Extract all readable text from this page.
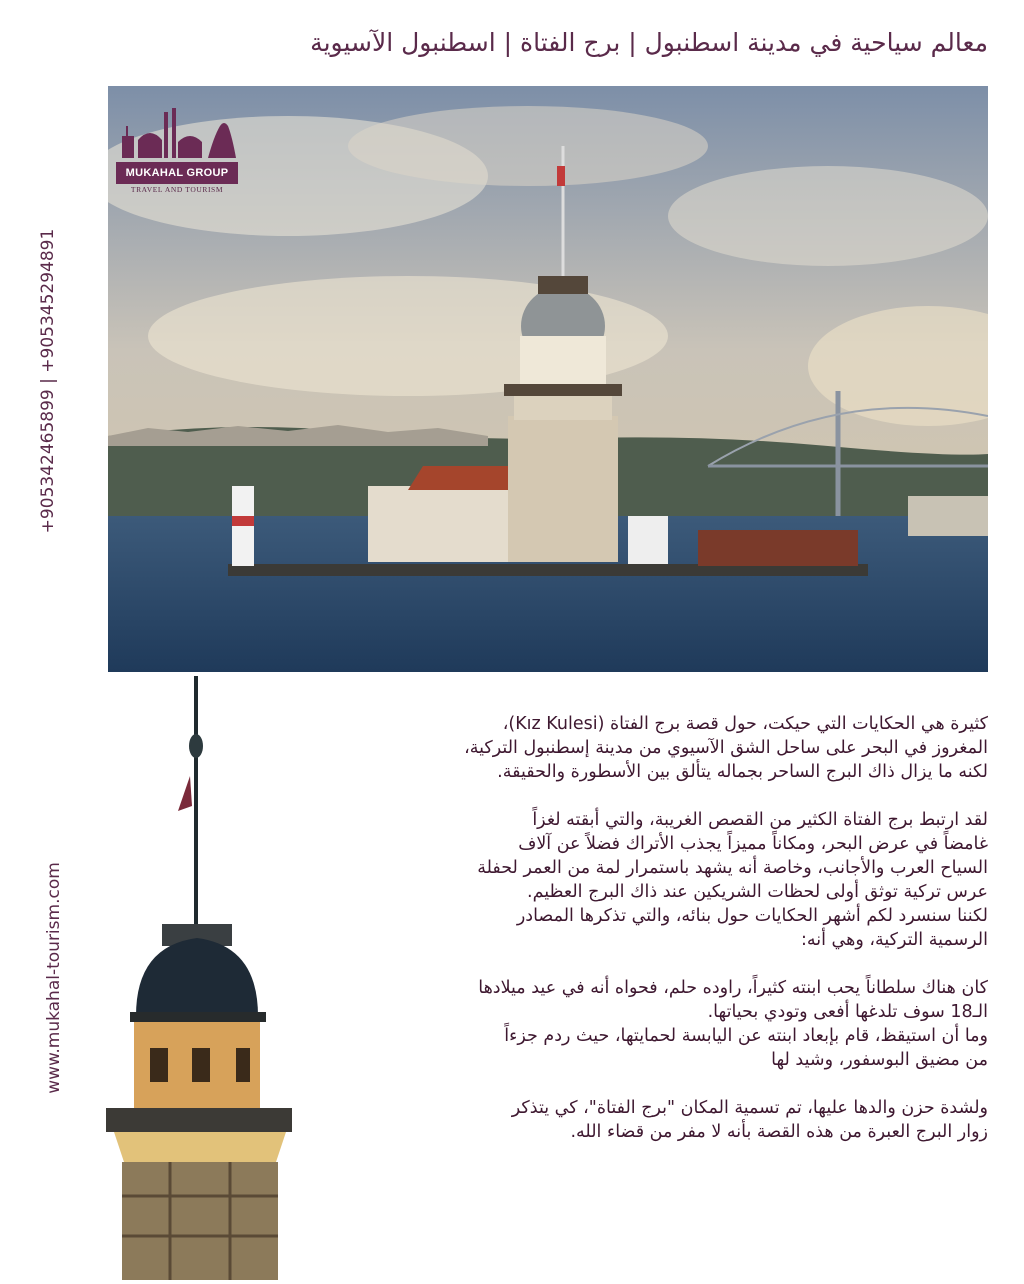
معالم سياحية في مدينة اسطنبول | برج الفتاة | اسطنبول الآسيوية
MUKAHAL GROUP
TRAVEL AND TOURISM
+905342465899 | +905345294891
www.mukahal-tourism.com

كثيرة هي الحكايات التي حيكت، حول قصة برج الفتاة (Kız Kulesi)،
المغروز في البحر على ساحل الشق الآسيوي من مدينة إسطنبول التركية،
لكنه ما يزال ذاك البرج الساحر بجماله يتألق بين الأسطورة والحقيقة.

لقد ارتبط برج الفتاة الكثير من القصص الغريبة، والتي أبقته لغزاً
غامضاً في عرض البحر، ومكاناً مميزاً يجذب الأتراك فضلاً عن آلاف
السياح العرب والأجانب، وخاصة أنه يشهد باستمرار لمة من العمر لحفلة
عرس تركية توثق أولى لحظات الشريكين عند ذاك البرج العظيم.
لكننا سنسرد لكم أشهر الحكايات حول بنائه، والتي تذكرها المصادر
الرسمية التركية، وهي أنه:

كان هناك سلطاناً يحب ابنته كثيراً، راوده حلم، فحواه أنه في عيد ميلادها
الـ18 سوف تلدغها أفعى وتودي بحياتها.
وما أن استيقظ، قام بإبعاد ابنته عن اليابسة لحمايتها، حيث ردم جزءاً
من مضيق البوسفور، وشيد لها

ولشدة حزن والدها عليها، تم تسمية المكان "برج الفتاة"، كي يتذكر
زوار البرج العبرة من هذه القصة بأنه لا مفر من قضاء الله.
